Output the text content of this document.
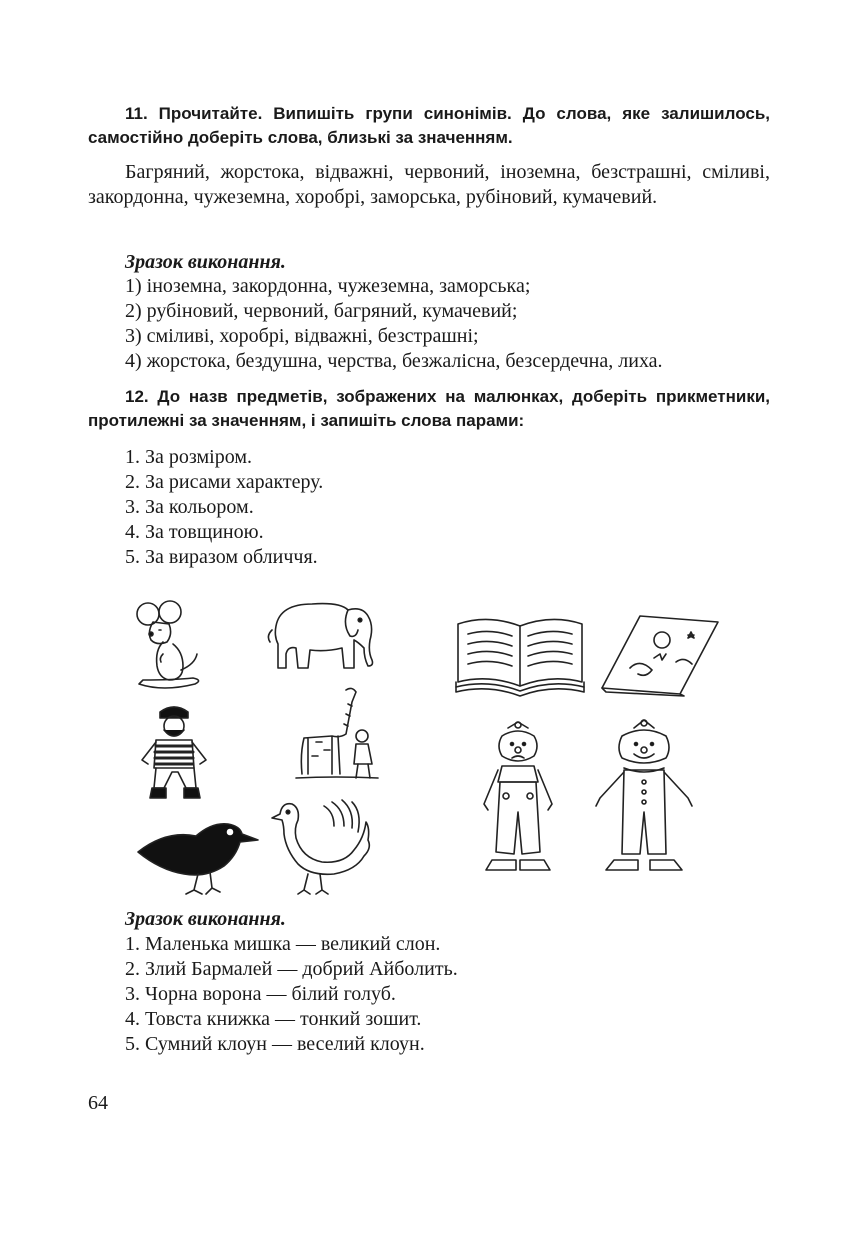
11. Прочитайте. Випишіть групи синонімів. До слова, яке залишилось, самостійно доберіть слова, близькі за значенням.
Багряний, жорстока, відважні, червоний, іноземна, безстрашні, сміливі, закордонна, чужеземна, хоробрі, заморська, рубіновий, кумачевий.
Зразок виконання.
1) іноземна, закордонна, чужеземна, заморська;
2) рубіновий, червоний, багряний, кумачевий;
3) сміливі, хоробрі, відважні, безстрашні;
4) жорстока, бездушна, черства, безжалісна, безсердечна, лиха.
12. До назв предметів, зображених на малюнках, доберіть прикметники, протилежні за значенням, і запишіть слова парами:
1. За розміром.
2. За рисами характеру.
3. За кольором.
4. За товщиною.
5. За виразом обличчя.
Зразок виконання.
1. Маленька мишка — великий слон.
2. Злий Бармалей — добрий Айболить.
3. Чорна ворона — білий голуб.
4. Товста книжка — тонкий зошит.
5. Сумний клоун — веселий клоун.
64
